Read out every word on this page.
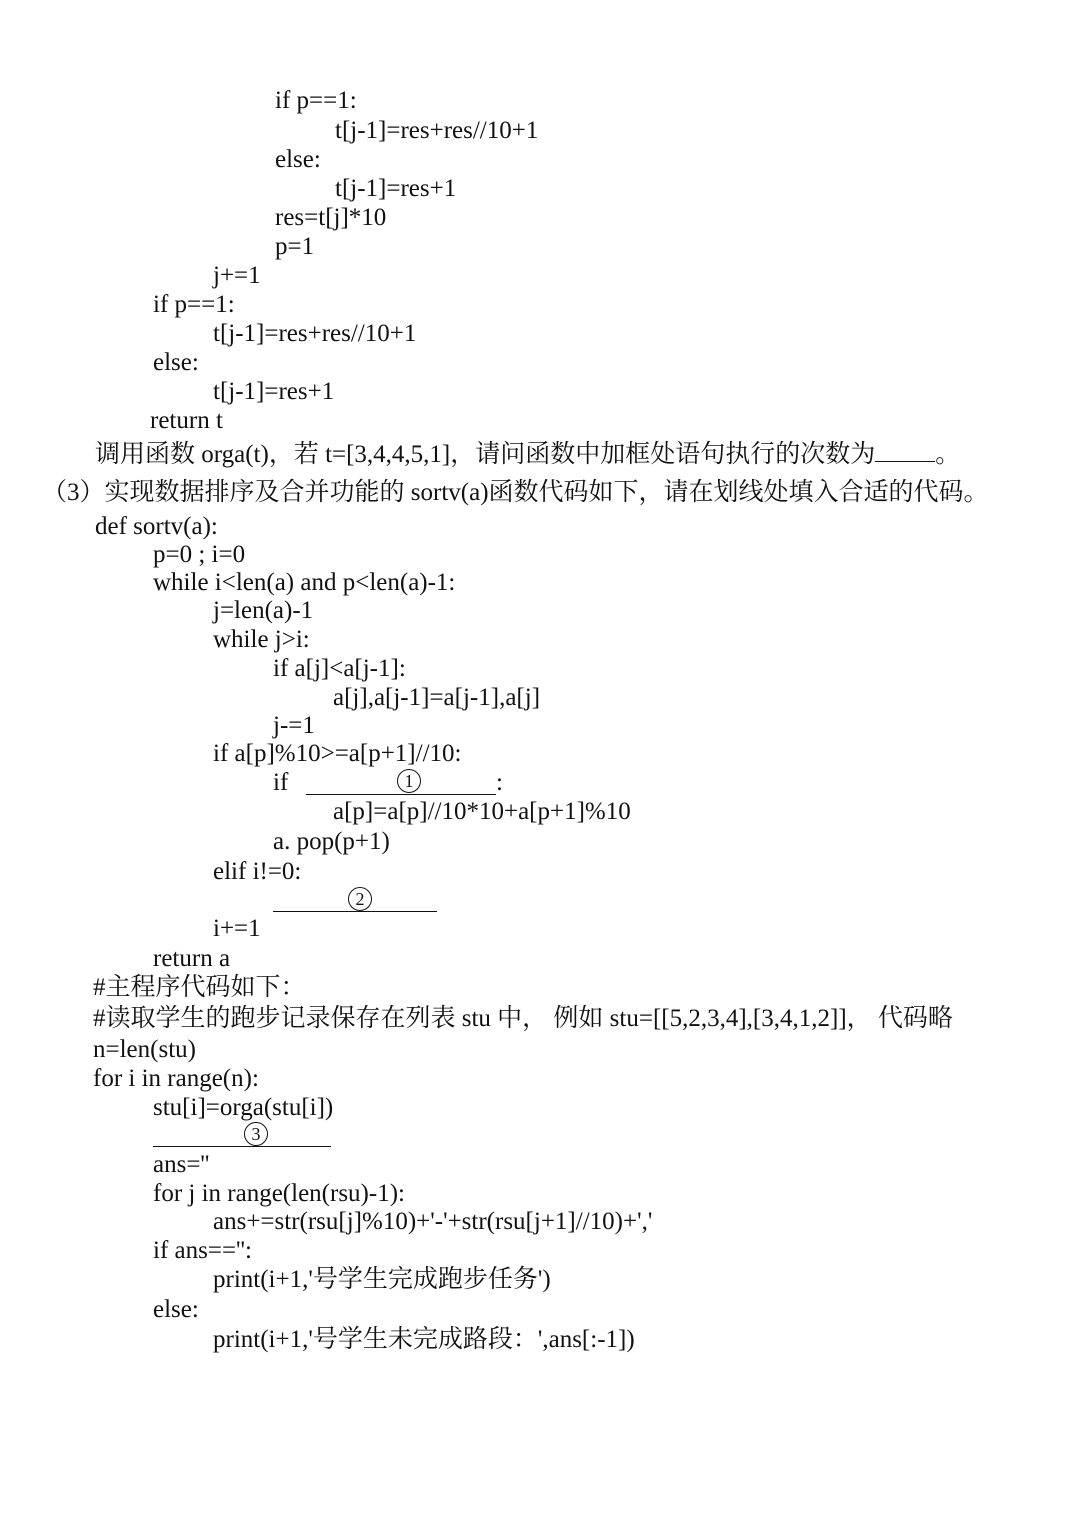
if p==1:
t[j-1]=res+res//10+1
else:
t[j-1]=res+1
res=t[j]*10
p=1
j+=1
if p==1:
t[j-1]=res+res//10+1
else:
t[j-1]=res+1
return t
调用函数 orga(t)，若 t=[3,4,4,5,1]，请问函数中加框处语句执行的次数为 。
（3）实现数据排序及合并功能的 sortv(a)函数代码如下，请在划线处填入合适的代码。
def sortv(a):
p=0 ; i=0
while i<len(a) and p<len(a)-1:
j=len(a)-1
while j>i:
if a[j]<a[j-1]:
a[j],a[j-1]=a[j-1],a[j]
j-=1
if a[p]%10>=a[p+1]//10:
if	1	:
a[p]=a[p]//10*10+a[p+1]%10
a. pop(p+1)
elif i!=0:
2
i+=1
return a
#主程序代码如下：
#读取学生的跑步记录保存在列表 stu 中， 例如 stu=[[5,2,3,4],[3,4,1,2]]， 代码略
n=len(stu)
for i in range(n):
stu[i]=orga(stu[i])
3
ans=''
for j in range(len(rsu)-1):
ans+=str(rsu[j]%10)+'-'+str(rsu[j+1]//10)+','
if ans=='':
print(i+1,'号学生完成跑步任务')
else:
print(i+1,'号学生未完成路段：',ans[:-1])
